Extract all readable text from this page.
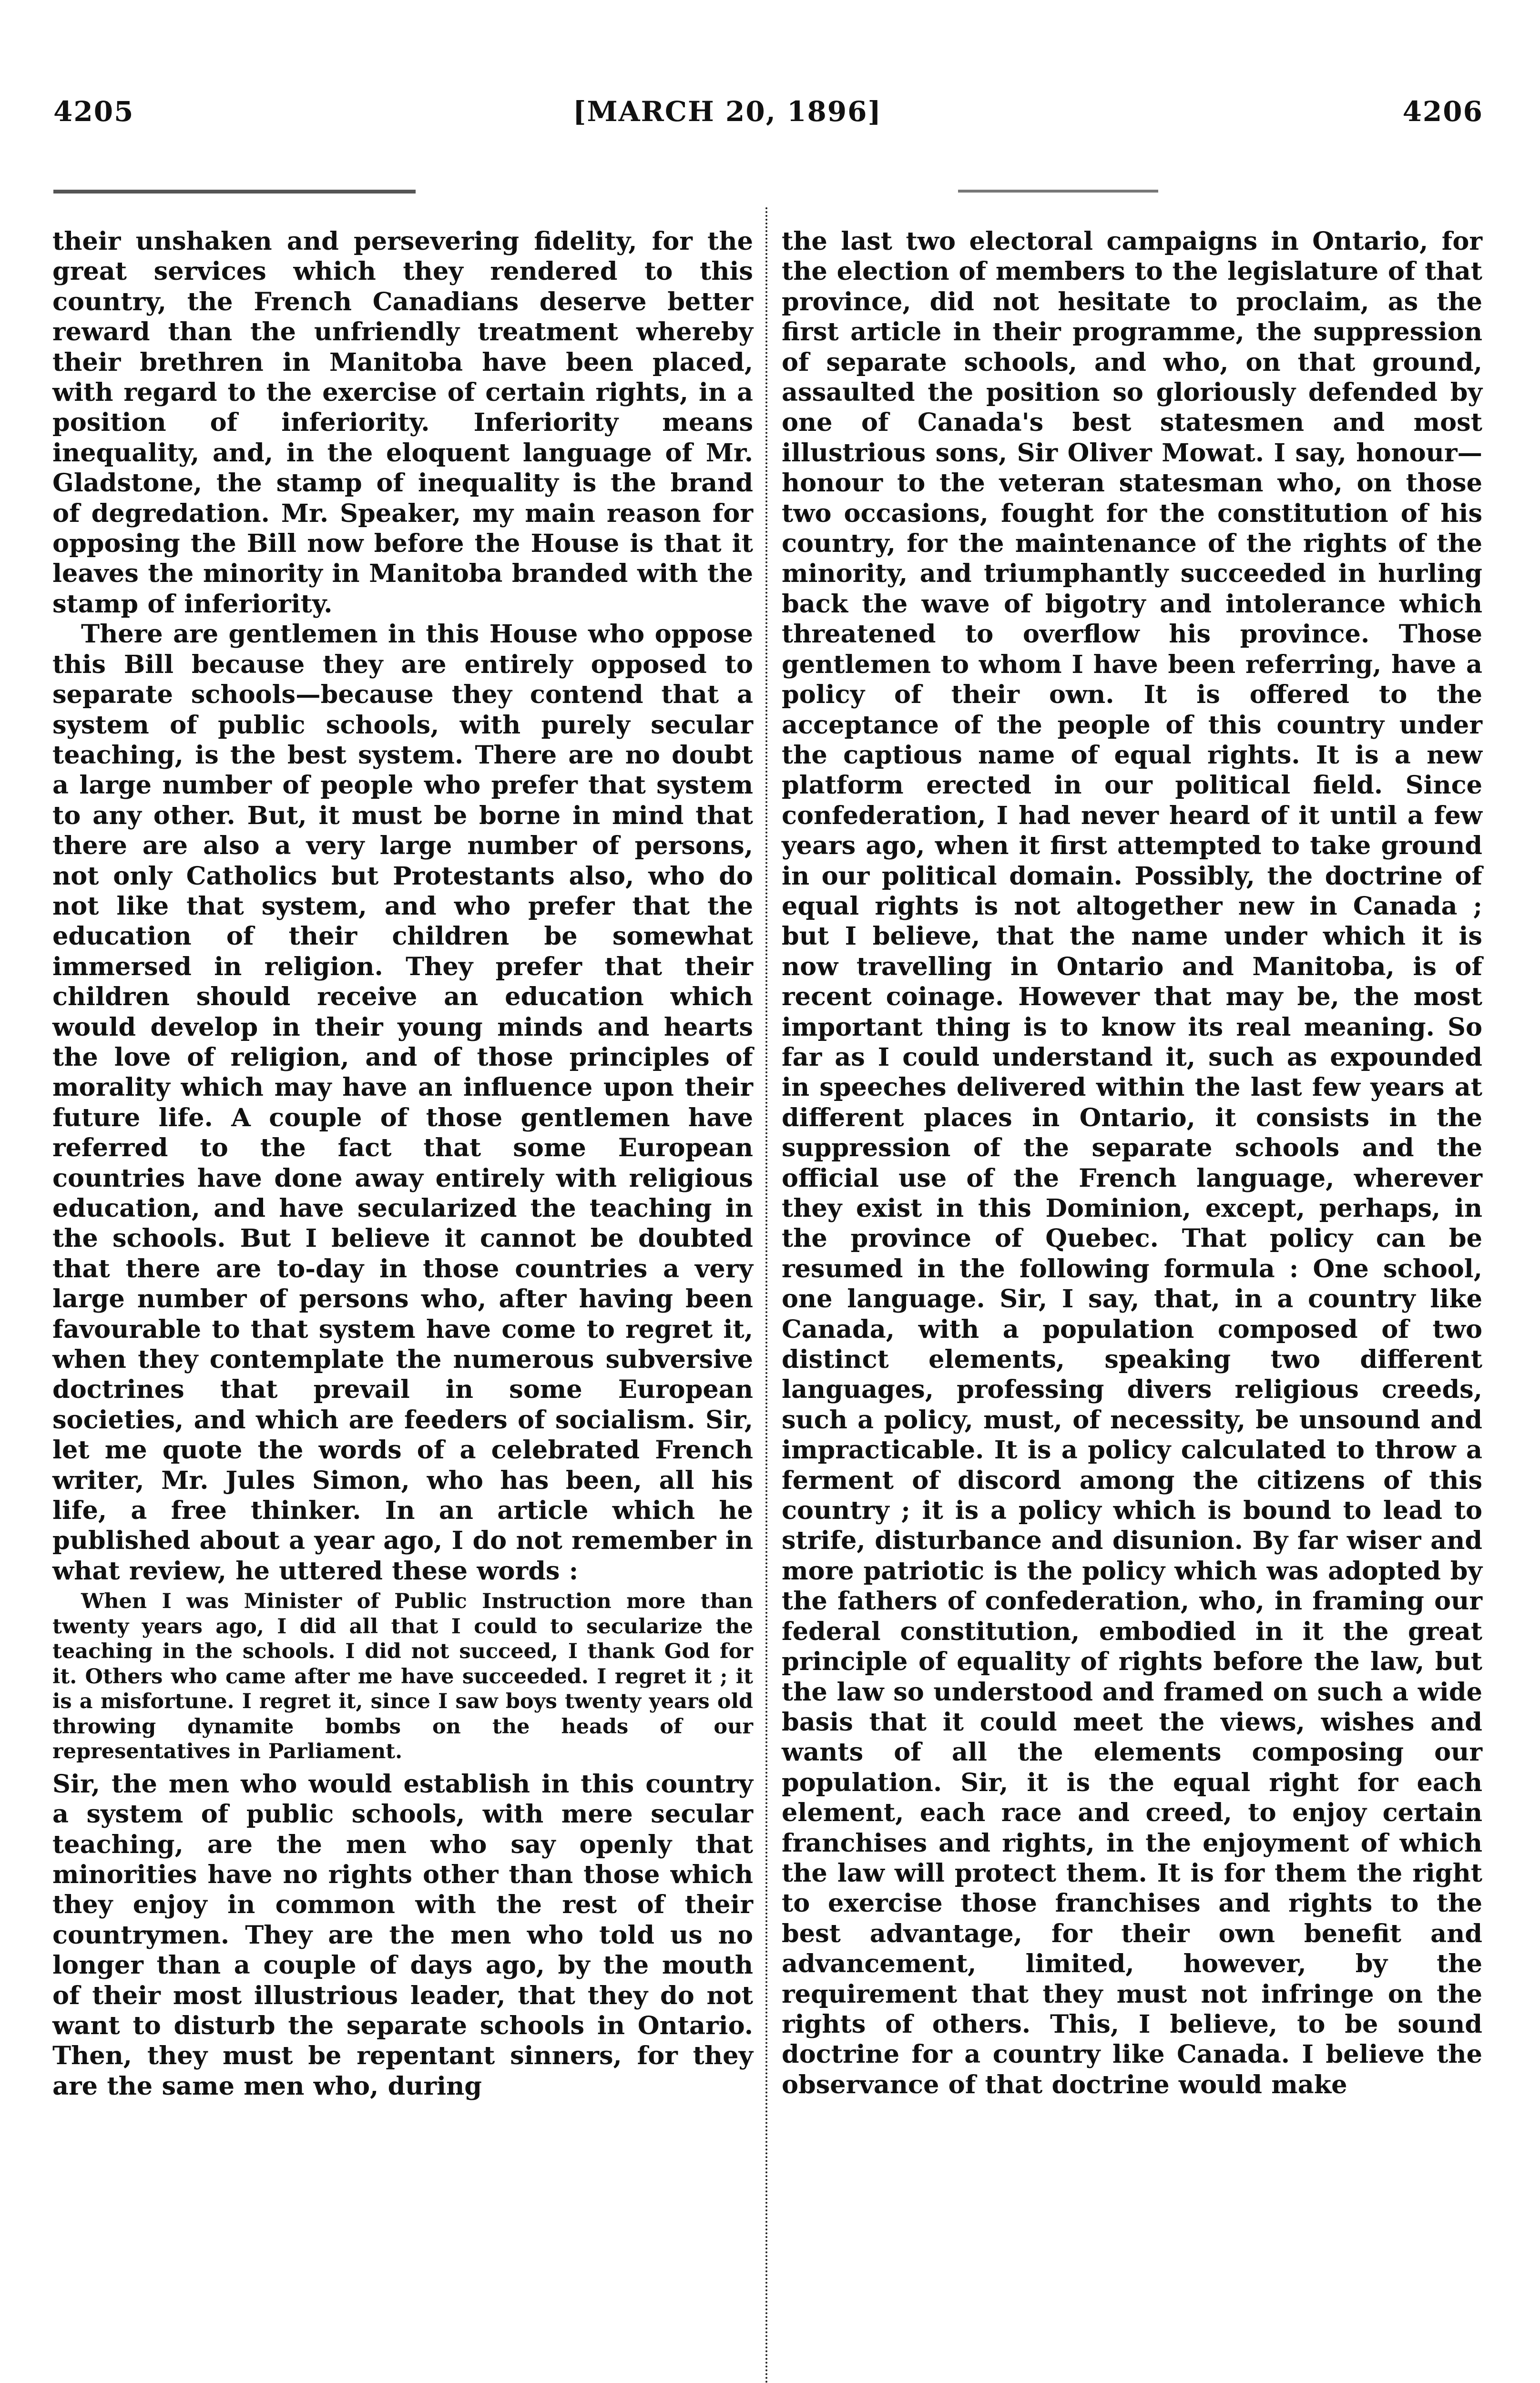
4205	[MARCH 20, 1896]	4206

their unshaken and persevering fidelity, for the great services which they rendered to this country, the French Canadians deserve better reward than the unfriendly treatment whereby their brethren in Manitoba have been placed, with regard to the exercise of certain rights, in a position of inferiority. Inferiority means inequality, and, in the eloquent language of Mr. Gladstone, the stamp of inequality is the brand of degredation. Mr. Speaker, my main reason for opposing the Bill now before the House is that it leaves the minority in Manitoba branded with the stamp of inferiority.

There are gentlemen in this House who oppose this Bill because they are entirely opposed to separate schools—because they contend that a system of public schools, with purely secular teaching, is the best system. There are no doubt a large number of people who prefer that system to any other. But, it must be borne in mind that there are also a very large number of persons, not only Catholics but Protestants also, who do not like that system, and who prefer that the education of their children be somewhat immersed in religion. They prefer that their children should receive an education which would develop in their young minds and hearts the love of religion, and of those principles of morality which may have an influence upon their future life. A couple of those gentlemen have referred to the fact that some European countries have done away entirely with religious education, and have secularized the teaching in the schools. But I believe it cannot be doubted that there are to-day in those countries a very large number of persons who, after having been favourable to that system have come to regret it, when they contemplate the numerous subversive doctrines that prevail in some European societies, and which are feeders of socialism. Sir, let me quote the words of a celebrated French writer, Mr. Jules Simon, who has been, all his life, a free thinker. In an article which he published about a year ago, I do not remember in what review, he uttered these words :

When I was Minister of Public Instruction more than twenty years ago, I did all that I could to secularize the teaching in the schools. I did not succeed, I thank God for it. Others who came after me have succeeded. I regret it ; it is a misfortune. I regret it, since I saw boys twenty years old throwing dynamite bombs on the heads of our representatives in Parliament.

Sir, the men who would establish in this country a system of public schools, with mere secular teaching, are the men who say openly that minorities have no rights other than those which they enjoy in common with the rest of their countrymen. They are the men who told us no longer than a couple of days ago, by the mouth of their most illustrious leader, that they do not want to disturb the separate schools in Ontario. Then, they must be repentant sinners, for they are the same men who, during

the last two electoral campaigns in Ontario, for the election of members to the legislature of that province, did not hesitate to proclaim, as the first article in their programme, the suppression of separate schools, and who, on that ground, assaulted the position so gloriously defended by one of Canada's best statesmen and most illustrious sons, Sir Oliver Mowat. I say, honour—honour to the veteran statesman who, on those two occasions, fought for the constitution of his country, for the maintenance of the rights of the minority, and triumphantly succeeded in hurling back the wave of bigotry and intolerance which threatened to overflow his province. Those gentlemen to whom I have been referring, have a policy of their own. It is offered to the acceptance of the people of this country under the captious name of equal rights. It is a new platform erected in our political field. Since confederation, I had never heard of it until a few years ago, when it first attempted to take ground in our political domain. Possibly, the doctrine of equal rights is not altogether new in Canada ; but I believe, that the name under which it is now travelling in Ontario and Manitoba, is of recent coinage. However that may be, the most important thing is to know its real meaning. So far as I could understand it, such as expounded in speeches delivered within the last few years at different places in Ontario, it consists in the suppression of the separate schools and the official use of the French language, wherever they exist in this Dominion, except, perhaps, in the province of Quebec. That policy can be resumed in the following formula : One school, one language. Sir, I say, that, in a country like Canada, with a population composed of two distinct elements, speaking two different languages, professing divers religious creeds, such a policy, must, of necessity, be unsound and impracticable. It is a policy calculated to throw a ferment of discord among the citizens of this country ; it is a policy which is bound to lead to strife, disturbance and disunion. By far wiser and more patriotic is the policy which was adopted by the fathers of confederation, who, in framing our federal constitution, embodied in it the great principle of equality of rights before the law, but the law so understood and framed on such a wide basis that it could meet the views, wishes and wants of all the elements composing our population. Sir, it is the equal right for each element, each race and creed, to enjoy certain franchises and rights, in the enjoyment of which the law will protect them. It is for them the right to exercise those franchises and rights to the best advantage, for their own benefit and advancement, limited, however, by the requirement that they must not infringe on the rights of others. This, I believe, to be sound doctrine for a country like Canada. I believe the observance of that doctrine would make
